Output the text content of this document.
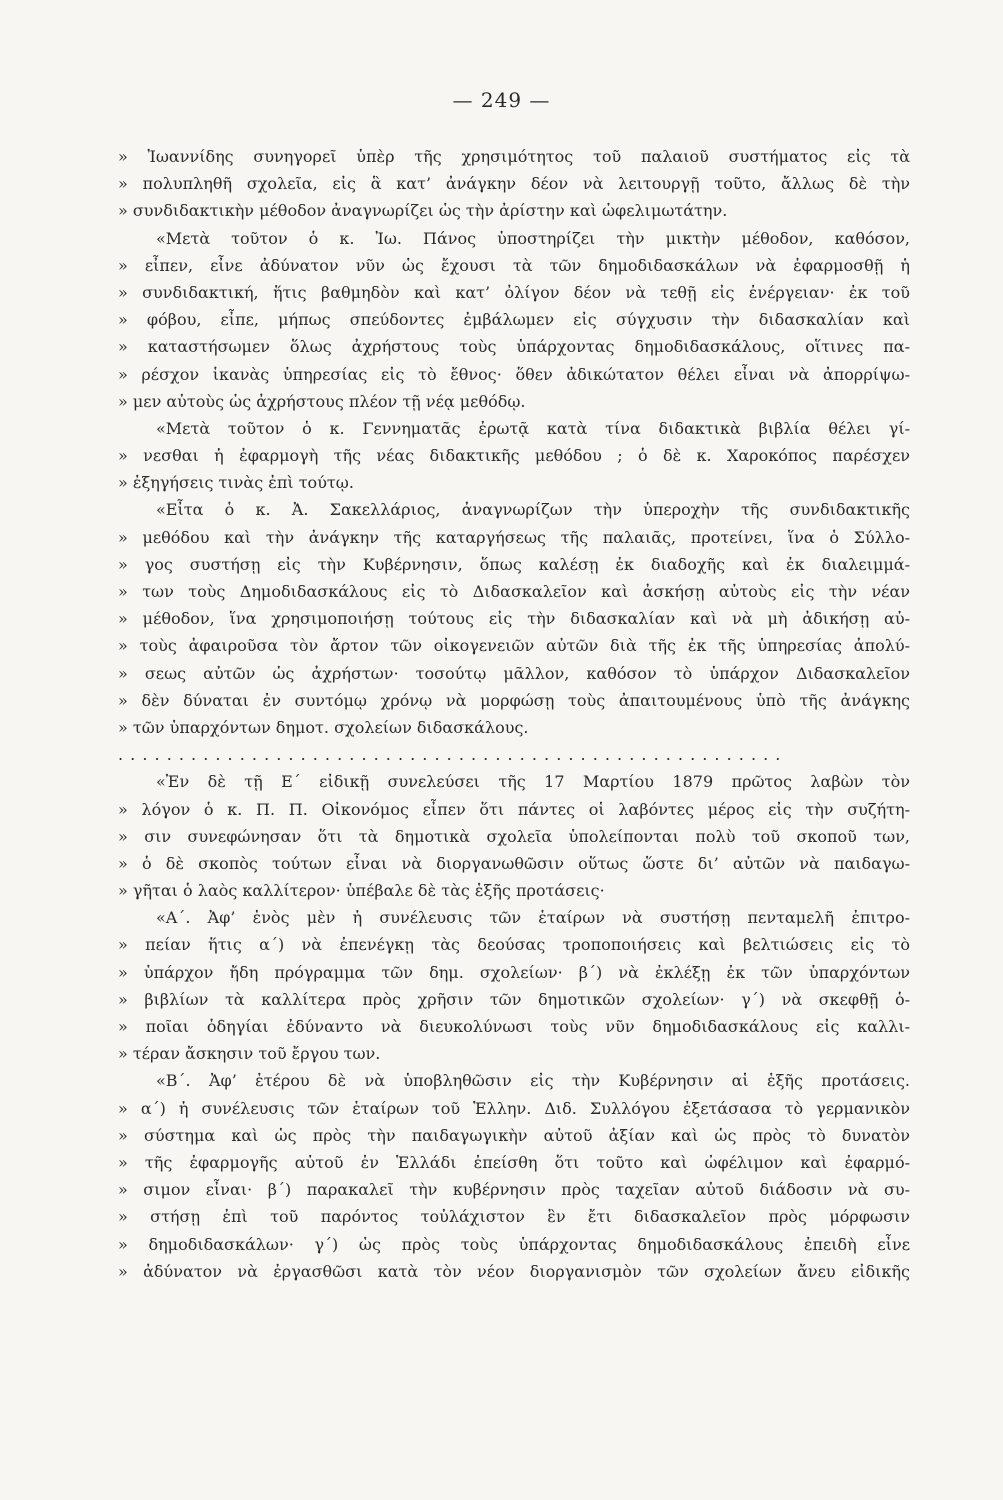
— 249 —
» Ἰωαννίδης συνηγορεῖ ὑπὲρ τῆς χρησιμότητος τοῦ παλαιοῦ συστήματος εἰς τὰ
» πολυπληθῆ σχολεῖα, εἰς ἃ κατ’ ἀνάγκην δέον νὰ λειτουργῇ τοῦτο, ἄλλως δὲ τὴν
» συνδιδακτικὴν μέθοδον ἀναγνωρίζει ὡς τὴν ἀρίστην καὶ ὠφελιμωτάτην.
«Μετὰ τοῦτον ὁ κ. Ἰω. Πάνος ὑποστηρίζει τὴν μικτὴν μέθοδον, καθόσον,
» εἶπεν, εἶνε ἀδύνατον νῦν ὡς ἔχουσι τὰ τῶν δημοδιδασκάλων νὰ ἐφαρμοσθῇ ἡ
» συνδιδακτική, ἥτις βαθμηδὸν καὶ κατ’ ὀλίγον δέον νὰ τεθῇ εἰς ἐνέργειαν· ἐκ τοῦ
» φόβου, εἶπε, μήπως σπεύδοντες ἐμβάλωμεν εἰς σύγχυσιν τὴν διδασκαλίαν καὶ
» καταστήσωμεν ὅλως ἀχρήστους τοὺς ὑπάρχοντας δημοδιδασκάλους, οἵτινες πα-
» ρέσχον ἱκανὰς ὑπηρεσίας εἰς τὸ ἔθνος· ὅθεν ἀδικώτατον θέλει εἶναι νὰ ἀπορρίψω-
» μεν αὐτοὺς ὡς ἀχρήστους πλέον τῇ νέᾳ μεθόδῳ.
«Μετὰ τοῦτον ὁ κ. Γεννηματᾶς ἐρωτᾷ κατὰ τίνα διδακτικὰ βιβλία θέλει γί-
» νεσθαι ἡ ἐφαρμογὴ τῆς νέας διδακτικῆς μεθόδου ; ὁ δὲ κ. Χαροκόπος παρέσχεν
» ἐξηγήσεις τινὰς ἐπὶ τούτῳ.
«Εἶτα ὁ κ. Ἀ. Σακελλάριος, ἀναγνωρίζων τὴν ὑπεροχὴν τῆς συνδιδακτικῆς
» μεθόδου καὶ τὴν ἀνάγκην τῆς καταργήσεως τῆς παλαιᾶς, προτείνει, ἵνα ὁ Σύλλο-
» γος συστήσῃ εἰς τὴν Κυβέρνησιν, ὅπως καλέσῃ ἐκ διαδοχῆς καὶ ἐκ διαλειμμά-
» των τοὺς Δημοδιδασκάλους εἰς τὸ Διδασκαλεῖον καὶ ἀσκήσῃ αὐτοὺς εἰς τὴν νέαν
» μέθοδον, ἵνα χρησιμοποιήσῃ τούτους εἰς τὴν διδασκαλίαν καὶ νὰ μὴ ἀδικήσῃ αὐ-
» τοὺς ἀφαιροῦσα τὸν ἄρτον τῶν οἰκογενειῶν αὐτῶν διὰ τῆς ἐκ τῆς ὑπηρεσίας ἀπολύ-
» σεως αὐτῶν ὡς ἀχρήστων· τοσούτῳ μᾶλλον, καθόσον τὸ ὑπάρχον Διδασκαλεῖον
» δὲν δύναται ἐν συντόμῳ χρόνῳ νὰ μορφώσῃ τοὺς ἀπαιτουμένους ὑπὸ τῆς ἀνάγκης
» τῶν ὑπαρχόντων δημοτ. σχολείων διδασκάλους.
. . . . . . . . . . . . . . . . . . . . . . . . . . . . . . . . . . . . . . . . . . . . . . . . . . . . . . .
«Ἐν δὲ τῇ Ε΄ εἰδικῇ συνελεύσει τῆς 17 Μαρτίου 1879 πρῶτος λαβὼν τὸν
» λόγον ὁ κ. Π. Π. Οἰκονόμος εἶπεν ὅτι πάντες οἱ λαβόντες μέρος εἰς τὴν συζήτη-
» σιν συνεφώνησαν ὅτι τὰ δημοτικὰ σχολεῖα ὑπολείπονται πολὺ τοῦ σκοποῦ των,
» ὁ δὲ σκοπὸς τούτων εἶναι νὰ διοργανωθῶσιν οὕτως ὥστε δι’ αὐτῶν νὰ παιδαγω-
» γῆται ὁ λαὸς καλλίτερον· ὑπέβαλε δὲ τὰς ἑξῆς προτάσεις·
«Α΄. Ἀφ’ ἑνὸς μὲν ἡ συνέλευσις τῶν ἑταίρων νὰ συστήσῃ πενταμελῆ ἐπιτρο-
» πείαν ἥτις α΄) νὰ ἐπενέγκῃ τὰς δεούσας τροποποιήσεις καὶ βελτιώσεις εἰς τὸ
» ὑπάρχον ἤδη πρόγραμμα τῶν δημ. σχολείων· β΄) νὰ ἐκλέξῃ ἐκ τῶν ὑπαρχόντων
» βιβλίων τὰ καλλίτερα πρὸς χρῆσιν τῶν δημοτικῶν σχολείων· γ΄) νὰ σκεφθῇ ὁ-
» ποῖαι ὁδηγίαι ἐδύναντο νὰ διευκολύνωσι τοὺς νῦν δημοδιδασκάλους εἰς καλλι-
» τέραν ἄσκησιν τοῦ ἔργου των.
«Β΄. Ἀφ’ ἑτέρου δὲ νὰ ὑποβληθῶσιν εἰς τὴν Κυβέρνησιν αἱ ἑξῆς προτάσεις.
» α΄) ἡ συνέλευσις τῶν ἑταίρων τοῦ Ἑλλην. Διδ. Συλλόγου ἐξετάσασα τὸ γερμανικὸν
» σύστημα καὶ ὡς πρὸς τὴν παιδαγωγικὴν αὐτοῦ ἀξίαν καὶ ὡς πρὸς τὸ δυνατὸν
» τῆς ἐφαρμογῆς αὐτοῦ ἐν Ἑλλάδι ἐπείσθη ὅτι τοῦτο καὶ ὠφέλιμον καὶ ἐφαρμό-
» σιμον εἶναι· β΄) παρακαλεῖ τὴν κυβέρνησιν πρὸς ταχεῖαν αὐτοῦ διάδοσιν νὰ συ-
» στήσῃ ἐπὶ τοῦ παρόντος τοὐλάχιστον ἓν ἔτι διδασκαλεῖον πρὸς μόρφωσιν
» δημοδιδασκάλων· γ΄) ὡς πρὸς τοὺς ὑπάρχοντας δημοδιδασκάλους ἐπειδὴ εἶνε
» ἀδύνατον νὰ ἐργασθῶσι κατὰ τὸν νέον διοργανισμὸν τῶν σχολείων ἄνευ εἰδικῆς
